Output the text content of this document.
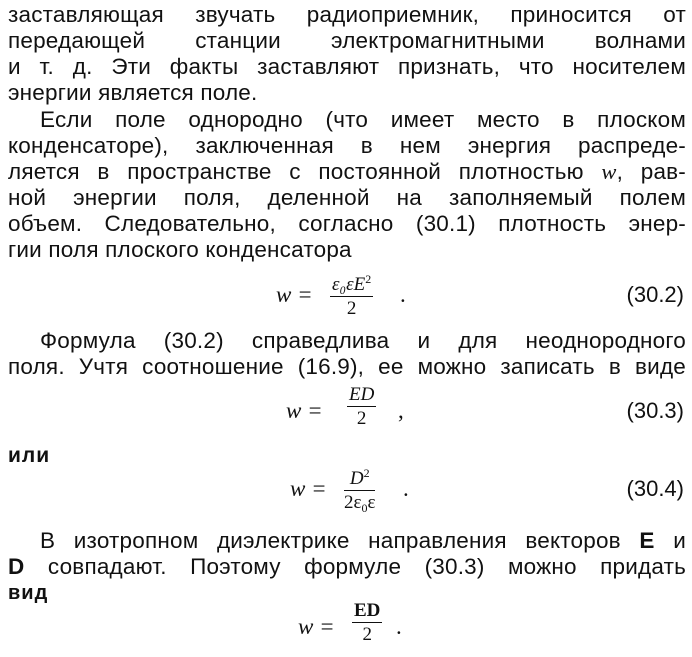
заставляющая звучать радиоприемник, приносится от
передающей станции электромагнитными волнами
и т. д. Эти факты заставляют признать, что носителем
энергии является поле.
Если поле однородно (что имеет место в плоском
конденсаторе), заключенная в нем энергия распреде-
ляется в пространстве с постоянной плотностью w, рав-
ной энергии поля, деленной на заполняемый полем
объем. Следовательно, согласно (30.1) плотность энер-
гии поля плоского конденсатора
$w = \varepsilon_0\varepsilon E^2$
2
.	(30.2)
Формула (30.2) справедлива и для неоднородного
поля. Учтя соотношение (16.9), ее можно записать в виде
w =
ED
2	,	(30.3)
или
w =	$D^2$
$2\varepsilon_0\varepsilon$
.	(30.4)
В изотропном диэлектрике направления векторов E и
D совпадают. Поэтому формуле (30.3) можно придать
вид
w =
ED
2	.
